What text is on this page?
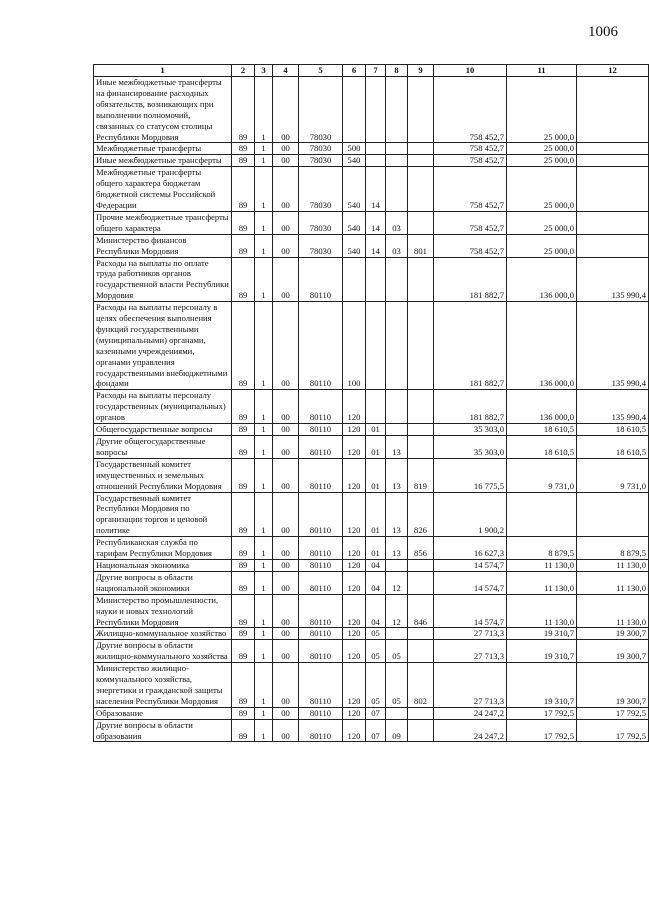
1006
1	2	3	4	5	6	7	8	9	10	11	12
Иные межбюджетные трансферты на финансирование расходных обязательств, возникающих при выполнении полномочий, связанных со статусом столицы Республики Мордовия	89	1	00	78030					758 452,7	25 000,0	
Межбюджетные трансферты	89	1	00	78030	500				758 452,7	25 000,0	
Иные межбюджетные трансферты	89	1	00	78030	540				758 452,7	25 000,0	
Межбюджетные трансферты общего характера бюджетам бюджетной системы Российской Федерации	89	1	00	78030	540	14			758 452,7	25 000,0	
Прочие межбюджетные трансферты общего характера	89	1	00	78030	540	14	03		758 452,7	25 000,0	
Министерство финансов Республики Мордовия	89	1	00	78030	540	14	03	801	758 452,7	25 000,0	
Расходы на выплаты по оплате труда работников органов государственной власти Республики Мордовия	89	1	00	80110					181 882,7	136 000,0	135 990,4
Расходы на выплаты персоналу в целях обеспечения выполнения функций государственными (муниципальными) органами, казенными учреждениями, органами управления государственными внебюджетными фондами	89	1	00	80110	100				181 882,7	136 000,0	135 990,4
Расходы на выплаты персоналу государственных (муниципальных) органов	89	1	00	80110	120				181 882,7	136 000,0	135 990,4
Общегосударственные вопросы	89	1	00	80110	120	01			35 303,0	18 610,5	18 610,5
Другие общегосударственные вопросы	89	1	00	80110	120	01	13		35 303,0	18 610,5	18 610,5
Государственный комитет имущественных и земельных отношений Республики Мордовия	89	1	00	80110	120	01	13	819	16 775,5	9 731,0	9 731,0
Государственный комитет Республики Мордовия по организации торгов и ценовой политике	89	1	00	80110	120	01	13	826	1 900,2		
Республиканская служба по тарифам Республики Мордовия	89	1	00	80110	120	01	13	856	16 627,3	8 879,5	8 879,5
Национальная экономика	89	1	00	80110	120	04			14 574,7	11 130,0	11 130,0
Другие вопросы в области национальной экономики	89	1	00	80110	120	04	12		14 574,7	11 130,0	11 130,0
Министерство промышленности, науки и новых технологий Республики Мордовия	89	1	00	80110	120	04	12	846	14 574,7	11 130,0	11 130,0
Жилищно-коммунальное хозяйство	89	1	00	80110	120	05			27 713,3	19 310,7	19 300,7
Другие вопросы в области жилищно-коммунального хозяйства	89	1	00	80110	120	05	05		27 713,3	19 310,7	19 300,7
Министерство жилищно-коммунального хозяйства, энергетики и гражданской защиты населения Республики Мордовия	89	1	00	80110	120	05	05	802	27 713,3	19 310,7	19 300,7
Образование	89	1	00	80110	120	07			24 247,2	17 792,5	17 792,5
Другие вопросы в области образования	89	1	00	80110	120	07	09		24 247,2	17 792,5	17 792,5
